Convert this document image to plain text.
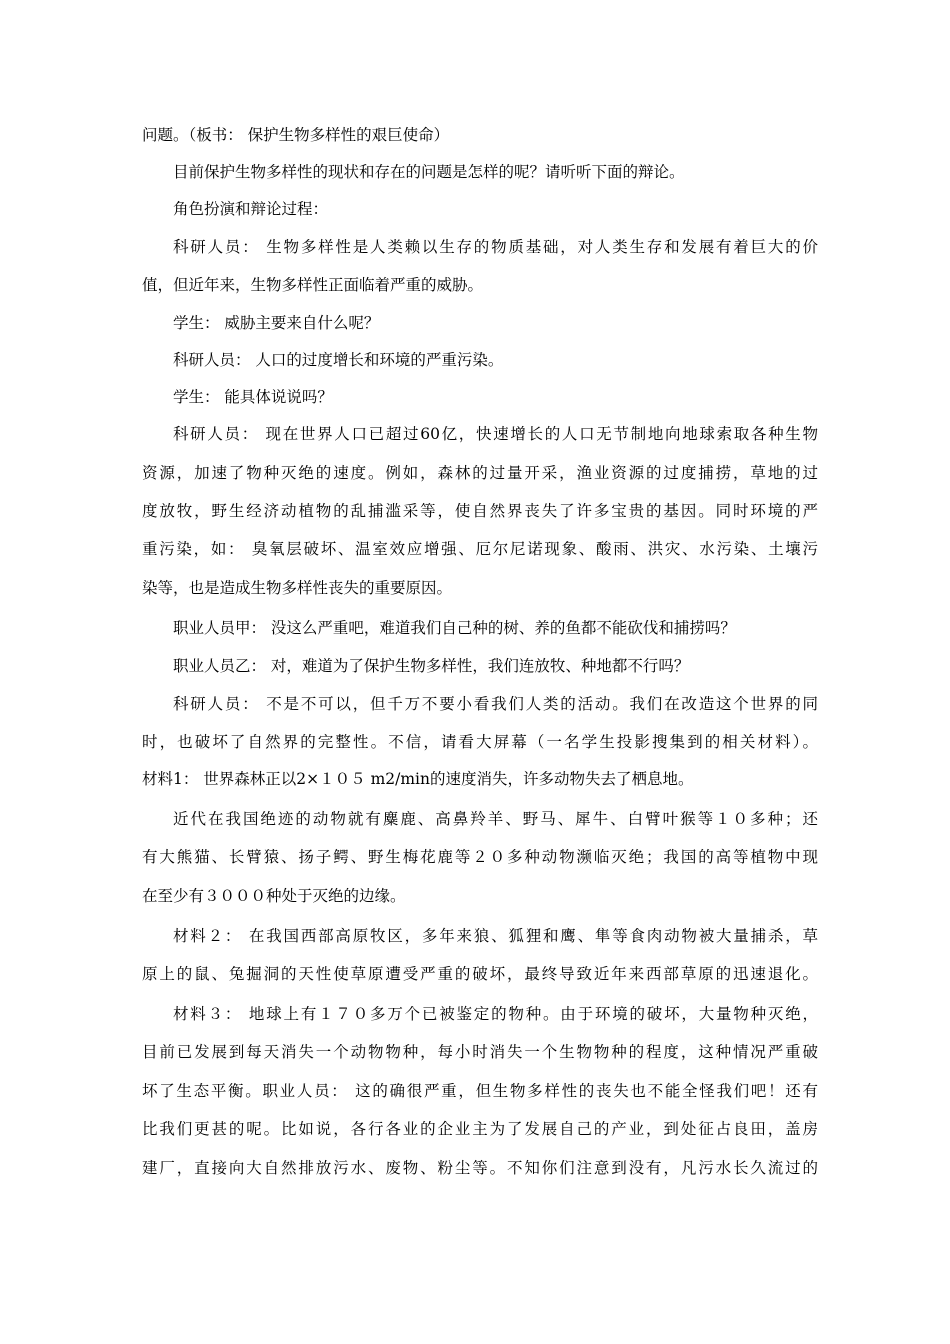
问题。（板书： 保护生物多样性的艰巨使命）
目前保护生物多样性的现状和存在的问题是怎样的呢？请听听下面的辩论。
角色扮演和辩论过程：
科研人员： 生物多样性是人类赖以生存的物质基础，对人类生存和发展有着巨大的价
值，但近年来，生物多样性正面临着严重的威胁。
学生： 威胁主要来自什么呢？
科研人员： 人口的过度增长和环境的严重污染。
学生： 能具体说说吗？
科研人员： 现在世界人口已超过60亿，快速增长的人口无节制地向地球索取各种生物
资源，加速了物种灭绝的速度。例如，森林的过量开采，渔业资源的过度捕捞，草地的过
度放牧，野生经济动植物的乱捕滥采等，使自然界丧失了许多宝贵的基因。同时环境的严
重污染，如： 臭氧层破坏、温室效应增强、厄尔尼诺现象、酸雨、洪灾、水污染、土壤污
染等，也是造成生物多样性丧失的重要原因。
职业人员甲： 没这么严重吧，难道我们自己种的树、养的鱼都不能砍伐和捕捞吗？
职业人员乙： 对，难道为了保护生物多样性，我们连放牧、种地都不行吗？
科研人员： 不是不可以，但千万不要小看我们人类的活动。我们在改造这个世界的同
时，也破坏了自然界的完整性。不信，请看大屏幕（一名学生投影搜集到的相关材料）。
材料1： 世界森林正以2×１０５ m2/min的速度消失，许多动物失去了栖息地。
近代在我国绝迹的动物就有麋鹿、高鼻羚羊、野马、犀牛、白臂叶猴等１０多种；还
有大熊猫、长臂猿、扬子鳄、野生梅花鹿等２０多种动物濒临灭绝；我国的高等植物中现
在至少有３０００种处于灭绝的边缘。
材料２： 在我国西部高原牧区，多年来狼、狐狸和鹰、隼等食肉动物被大量捕杀，草
原上的鼠、兔掘洞的天性使草原遭受严重的破坏，最终导致近年来西部草原的迅速退化。
材料３： 地球上有１７０多万个已被鉴定的物种。由于环境的破坏，大量物种灭绝，
目前已发展到每天消失一个动物物种，每小时消失一个生物物种的程度，这种情况严重破
坏了生态平衡。职业人员： 这的确很严重，但生物多样性的丧失也不能全怪我们吧！还有
比我们更甚的呢。比如说，各行各业的企业主为了发展自己的产业，到处征占良田，盖房
建厂，直接向大自然排放污水、废物、粉尘等。不知你们注意到没有，凡污水长久流过的
